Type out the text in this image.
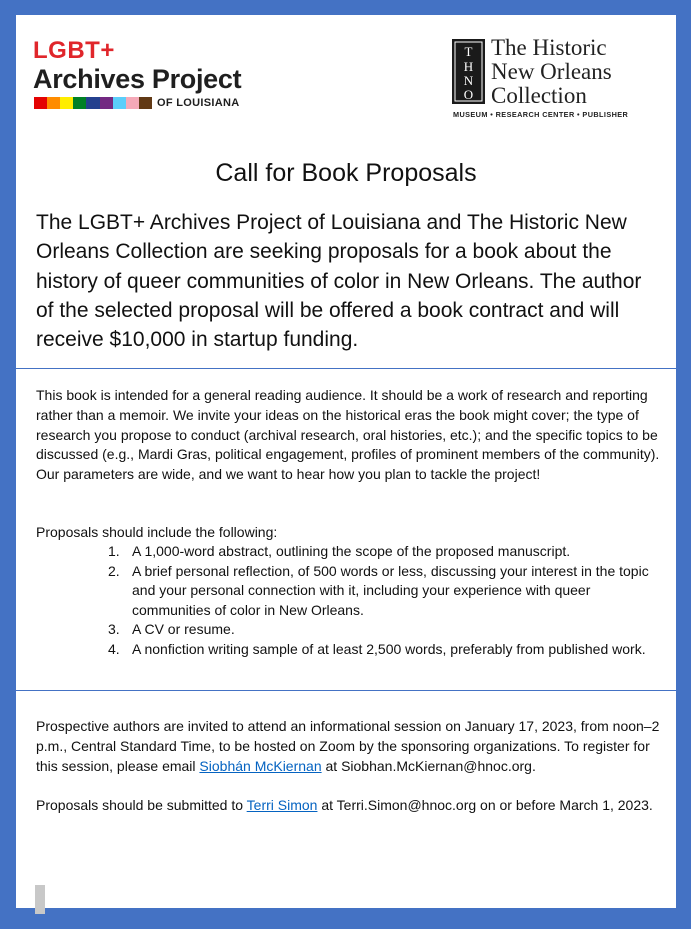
LGBT+
Archives Project
OF LOUISIANA
T
H
N
O
The Historic
New Orleans
Collection
MUSEUM • RESEARCH CENTER • PUBLISHER
Call for Book Proposals

The LGBT+ Archives Project of Louisiana and The Historic New Orleans Collection are seeking proposals for a book about the history of queer communities of color in New Orleans. The author of the selected proposal will be offered a book contract and will receive $10,000 in startup funding.

This book is intended for a general reading audience. It should be a work of research and reporting rather than a memoir. We invite your ideas on the historical eras the book might cover; the type of research you propose to conduct (archival research, oral histories, etc.); and the specific topics to be discussed (e.g., Mardi Gras, political engagement, profiles of prominent members of the community). Our parameters are wide, and we want to hear how you plan to tackle the project!

Proposals should include the following:

1. A 1,000-word abstract, outlining the scope of the proposed manuscript.
2. A brief personal reflection, of 500 words or less, discussing your interest in the topic and your personal connection with it, including your experience with queer communities of color in New Orleans.
3. A CV or resume.
4. A nonfiction writing sample of at least 2,500 words, preferably from published work.

Prospective authors are invited to attend an informational session on January 17, 2023, from noon–2 p.m., Central Standard Time, to be hosted on Zoom by the sponsoring organizations. To register for this session, please email Siobhán McKiernan at Siobhan.McKiernan@hnoc.org.

Proposals should be submitted to Terri Simon at Terri.Simon@hnoc.org on or before March 1, 2023.
